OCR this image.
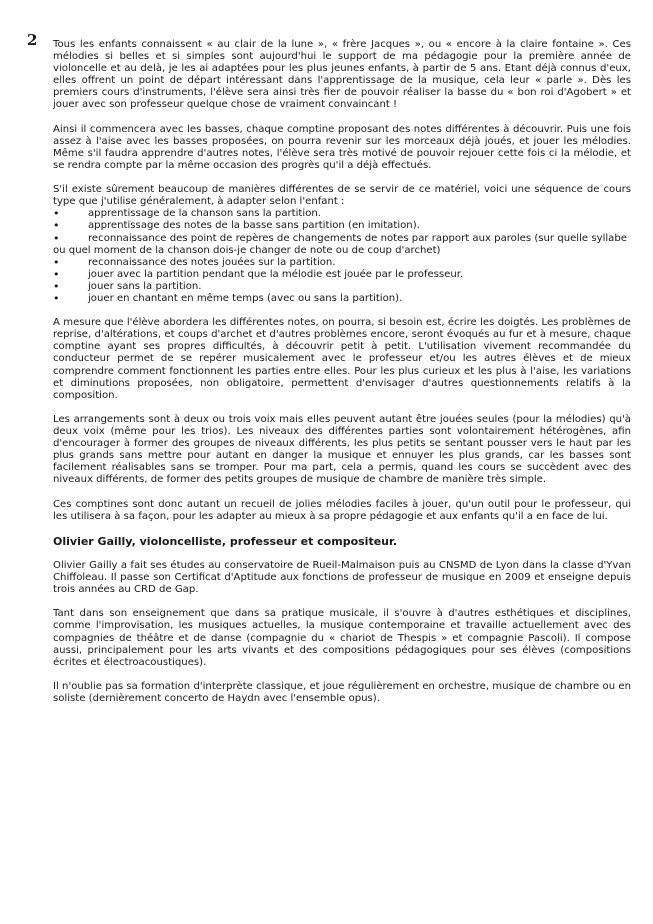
2 Tous les enfants connaissent « au clair de la lune », « frère Jacques », ou « encore à la claire fontaine ». Ces mélodies si belles et si simples sont aujourd'hui le support de ma pédagogie pour la première année de violoncelle et au delà, je les ai adaptées pour les plus jeunes enfants, à partir de 5 ans. Etant déjà connus d'eux, elles offrent un point de départ intéressant dans l'apprentissage de la musique, cela leur « parle ». Dès les premiers cours d'instruments, l'élève sera ainsi très fier de pouvoir réaliser la basse du « bon roi d'Agobert » et jouer avec son professeur quelque chose de vraiment convaincant !

Ainsi il commencera avec les basses, chaque comptine proposant des notes différentes à découvrir. Puis une fois assez à l'aise avec les basses proposées, on pourra revenir sur les morceaux déjà joués, et jouer les mélodies. Même s'il faudra apprendre d'autres notes, l'élève sera très motivé de pouvoir rejouer cette fois ci la mélodie, et se rendra compte par la même occasion des progrès qu'il a déjà effectués.

S'il existe sûrement beaucoup de manières différentes de se servir de ce matériel, voici une séquence de cours type que j'utilise généralement, à adapter selon l'enfant :

• apprentissage de la chanson sans la partition.
• apprentissage des notes de la basse sans partition (en imitation).
• reconnaissance des point de repères de changements de notes par rapport aux paroles (sur quelle syllabe ou quel moment de la chanson dois-je changer de note ou de coup d'archet)
• reconnaissance des notes jouées sur la partition.
• jouer avec la partition pendant que la mélodie est jouée par le professeur.
• jouer sans la partition.
• jouer en chantant en même temps (avec ou sans la partition).

A mesure que l'élève abordera les différentes notes, on pourra, si besoin est, écrire les doigtés. Les problèmes de reprise, d'altérations, et coups d'archet et d'autres problèmes encore, seront évoqués au fur et à mesure, chaque comptine ayant ses propres difficultés, à découvrir petit à petit. L'utilisation vivement recommandée du conducteur permet de se repérer musicalement avec le professeur et/ou les autres élèves et de mieux comprendre comment fonctionnent les parties entre elles. Pour les plus curieux et les plus à l'aise, les variations et diminutions proposées, non obligatoire, permettent d'envisager d'autres questionnements relatifs à la composition.

Les arrangements sont à deux ou trois voix mais elles peuvent autant être jouées seules (pour la mélodies) qu'à deux voix (même pour les trios). Les niveaux des différentes parties sont volontairement hétérogènes, afin d'encourager à former des groupes de niveaux différents, les plus petits se sentant pousser vers le haut par les plus grands sans mettre pour autant en danger la musique et ennuyer les plus grands, car les basses sont facilement réalisables sans se tromper. Pour ma part, cela a permis, quand les cours se succèdent avec des niveaux différents, de former des petits groupes de musique de chambre de manière très simple.

Ces comptines sont donc autant un recueil de jolies mélodies faciles à jouer, qu'un outil pour le professeur, qui les utilisera à sa façon, pour les adapter au mieux à sa propre pédagogie et aux enfants qu'il a en face de lui.

Olivier Gailly, violoncelliste, professeur et compositeur.

Olivier Gailly a fait ses études au conservatoire de Rueil-Malmaison puis au CNSMD de Lyon dans la classe d'Yvan Chiffoleau. Il passe son Certificat d'Aptitude aux fonctions de professeur de musique en 2009 et enseigne depuis trois années au CRD de Gap.

Tant dans son enseignement que dans sa pratique musicale, il s'ouvre à d'autres esthétiques et disciplines, comme l'improvisation, les musiques actuelles, la musique contemporaine et travaille actuellement avec des compagnies de théâtre et de danse (compagnie du « chariot de Thespis » et compagnie Pascoli). Il compose aussi, principalement pour les arts vivants et des compositions pédagogiques pour ses élèves (compositions écrites et électroacoustiques).

Il n'oublie pas sa formation d'interprète classique, et joue régulièrement en orchestre, musique de chambre ou en soliste (dernièrement concerto de Haydn avec l'ensemble opus).
